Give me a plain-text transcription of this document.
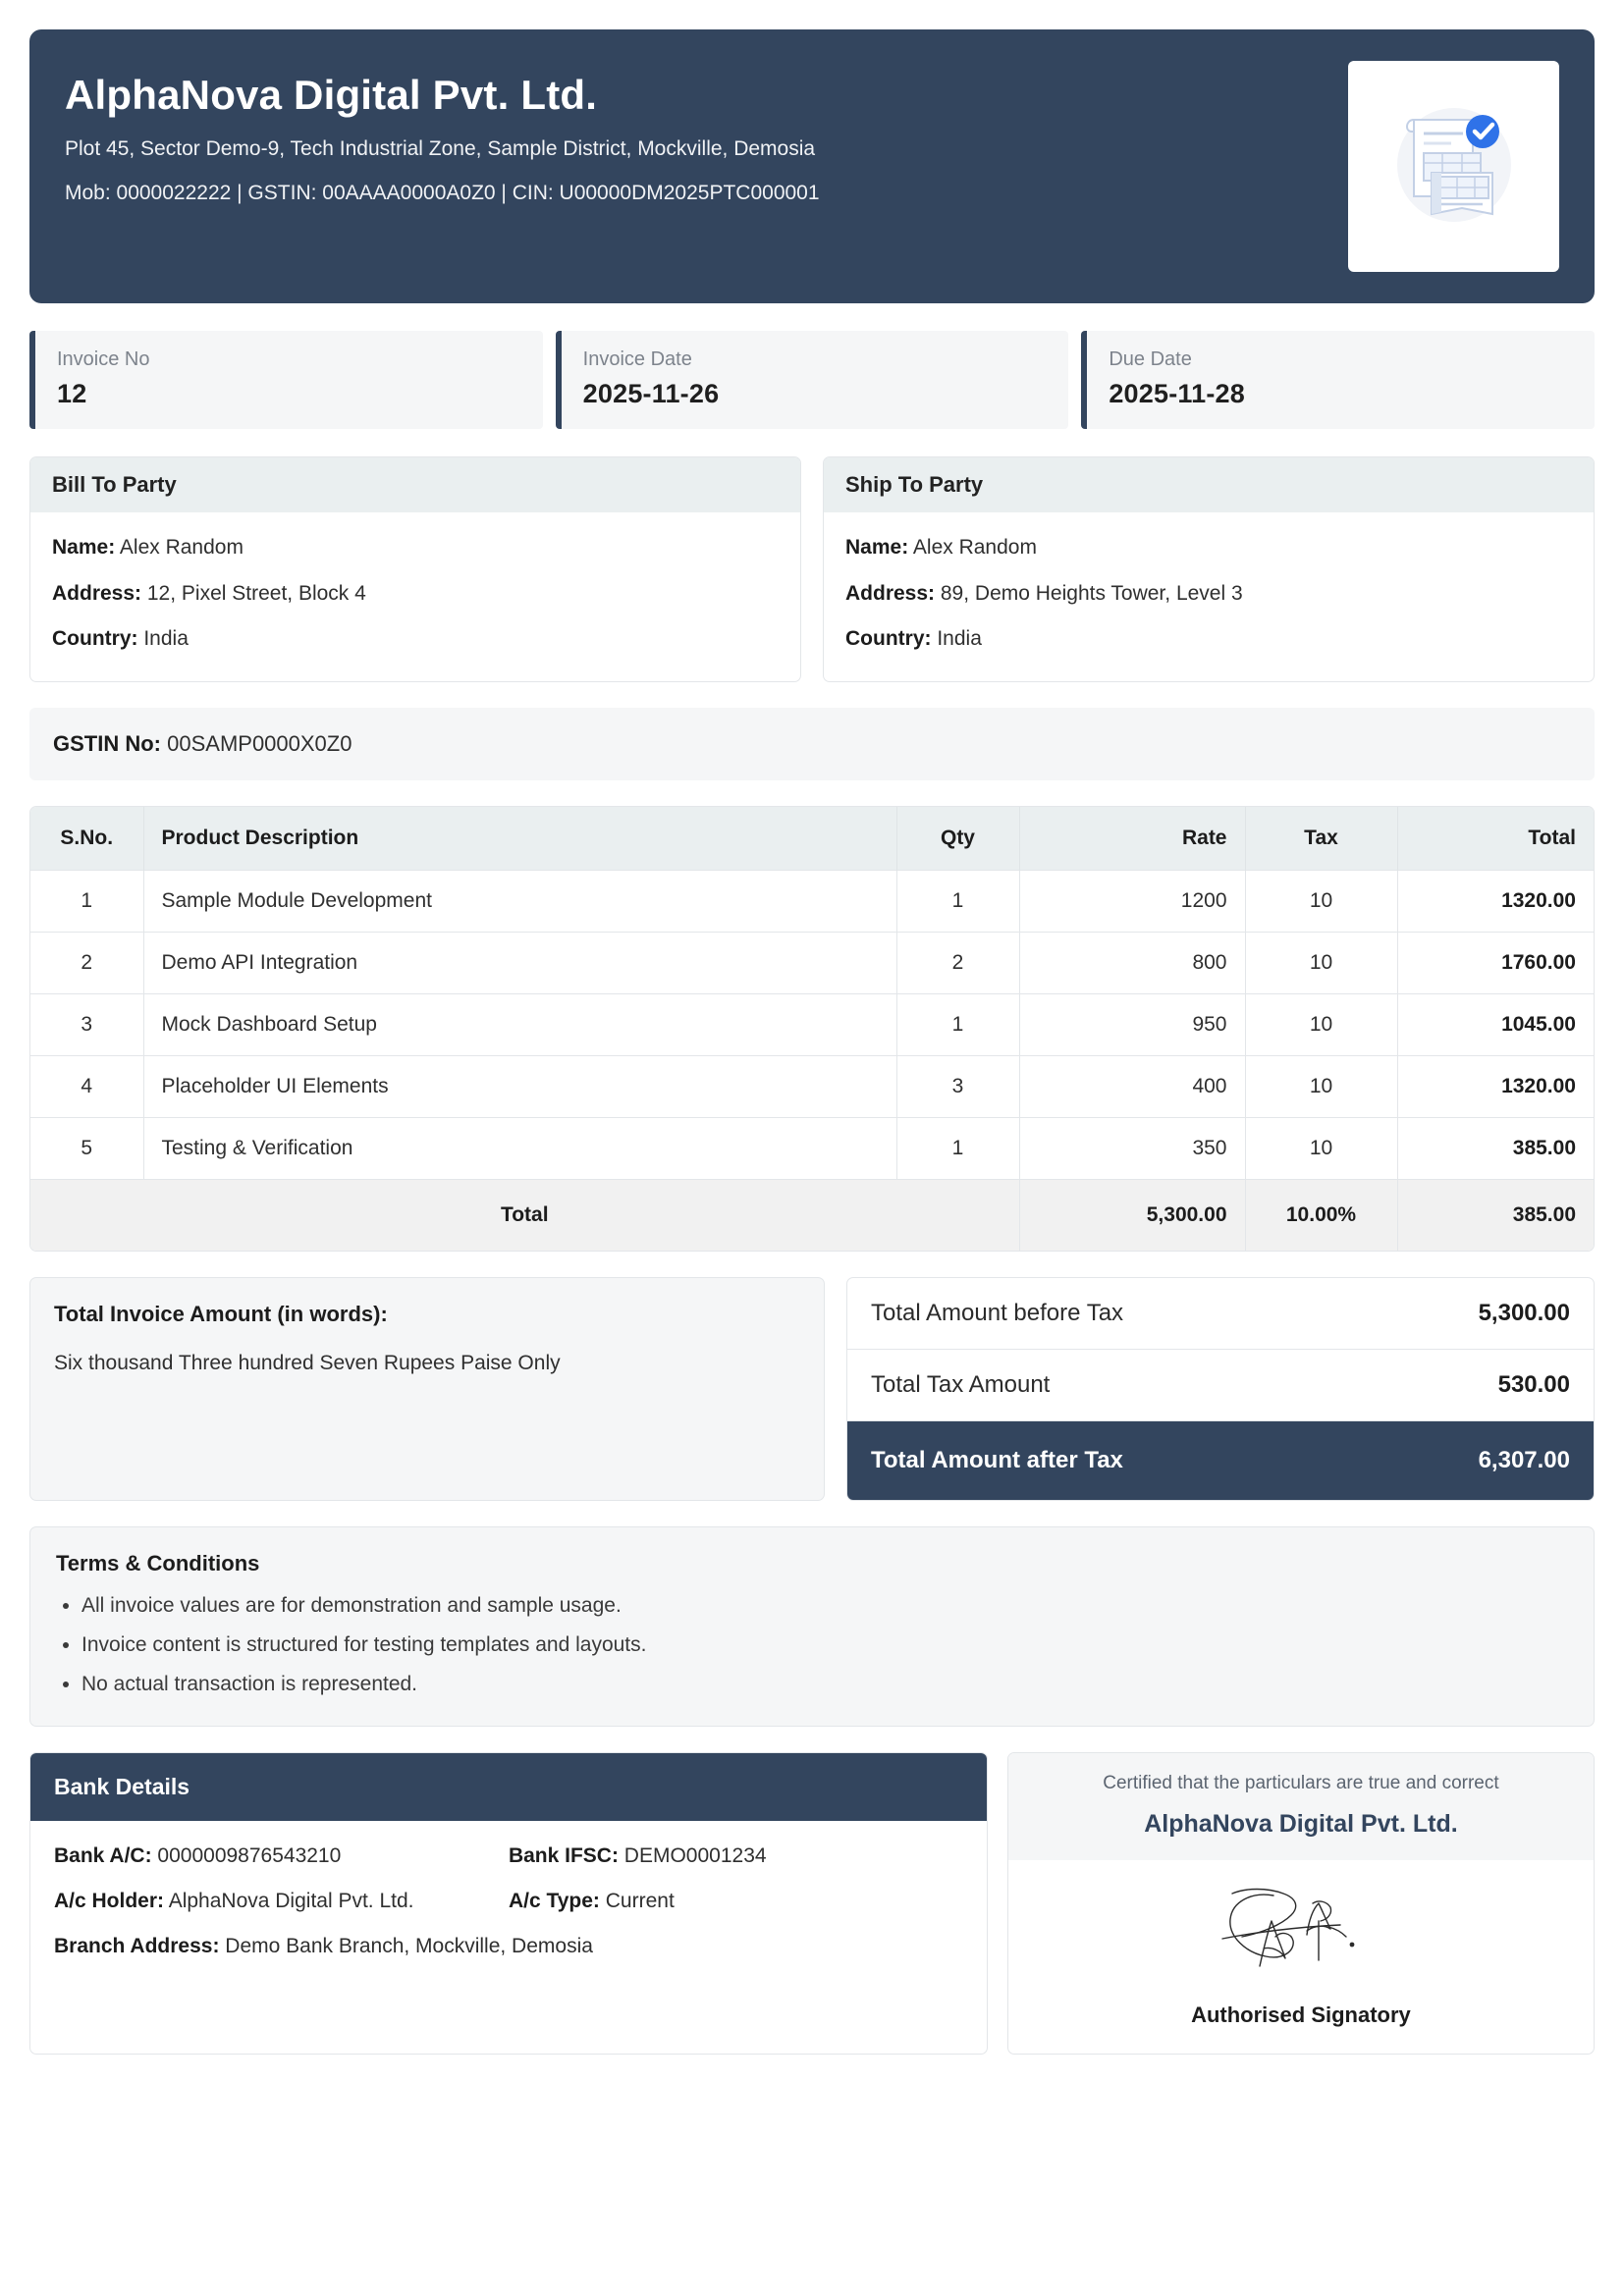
AlphaNova Digital Pvt. Ltd.

Plot 45, Sector Demo-9, Tech Industrial Zone, Sample District, Mockville, Demosia

Mob: 0000022222 | GSTIN: 00AAAA0000A0Z0 | CIN: U00000DM2025PTC000001

Invoice No
12
Invoice Date
2025-11-26
Due Date
2025-11-28
Bill To Party
Name: Alex Random
Address: 12, Pixel Street, Block 4
Country: India
Ship To Party
Name: Alex Random
Address: 89, Demo Heights Tower, Level 3
Country: India
GSTIN No: 00SAMP0000X0Z0
S.No.	Product Description	Qty	Rate	Tax	Total
1	Sample Module Development	1	1200	10	1320.00
2	Demo API Integration	2	800	10	1760.00
3	Mock Dashboard Setup	1	950	10	1045.00
4	Placeholder UI Elements	3	400	10	1320.00
5	Testing & Verification	1	350	10	385.00
Total			5,300.00	10.00%	385.00
Total Invoice Amount (in words):
Six thousand Three hundred Seven Rupees Paise Only
Total Amount before Tax	5,300.00
Total Tax Amount	530.00
Total Amount after Tax	6,307.00
Terms & Conditions
• All invoice values are for demonstration and sample usage.
• Invoice content is structured for testing templates and layouts.
• No actual transaction is represented.
Bank Details
Bank A/C: 0000009876543210	Bank IFSC: DEMO0001234
A/c Holder: AlphaNova Digital Pvt. Ltd.	A/c Type: Current
Branch Address: Demo Bank Branch, Mockville, Demosia
Certified that the particulars are true and correct
AlphaNova Digital Pvt. Ltd.
Authorised Signatory
